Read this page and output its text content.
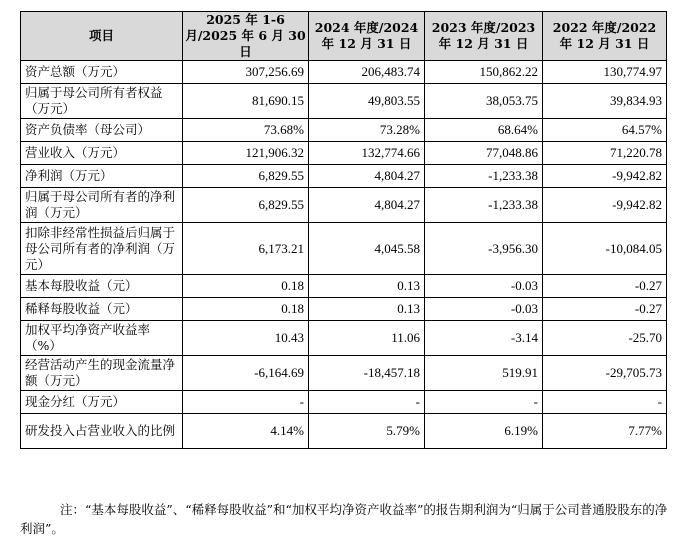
项目	2025 年 1-6 月/2025 年 6 月 30 日	2024 年度/2024 年 12 月 31 日	2023 年度/2023 年 12 月 31 日	2022 年度/2022 年 12 月 31 日
资产总额（万元）	307,256.69	206,483.74	150,862.22	130,774.97
归属于母公司所有者权益（万元）	81,690.15	49,803.55	38,053.75	39,834.93
资产负债率（母公司）	73.68%	73.28%	68.64%	64.57%
营业收入（万元）	121,906.32	132,774.66	77,048.86	71,220.78
净利润（万元）	6,829.55	4,804.27	-1,233.38	-9,942.82
归属于母公司所有者的净利润（万元）	6,829.55	4,804.27	-1,233.38	-9,942.82
扣除非经常性损益后归属于母公司所有者的净利润（万元）	6,173.21	4,045.58	-3,956.30	-10,084.05
基本每股收益（元）	0.18	0.13	-0.03	-0.27
稀释每股收益（元）	0.18	0.13	-0.03	-0.27
加权平均净资产收益率（%）	10.43	11.06	-3.14	-25.70
经营活动产生的现金流量净额（万元）	-6,164.69	-18,457.18	519.91	-29,705.73
现金分红（万元）	-	-	-	-
研发投入占营业收入的比例	4.14%	5.79%	6.19%	7.77%
注：“基本每股收益”、“稀释每股收益”和“加权平均净资产收益率”的报告期利润为“归属于公司普通股股东的净利润”。
